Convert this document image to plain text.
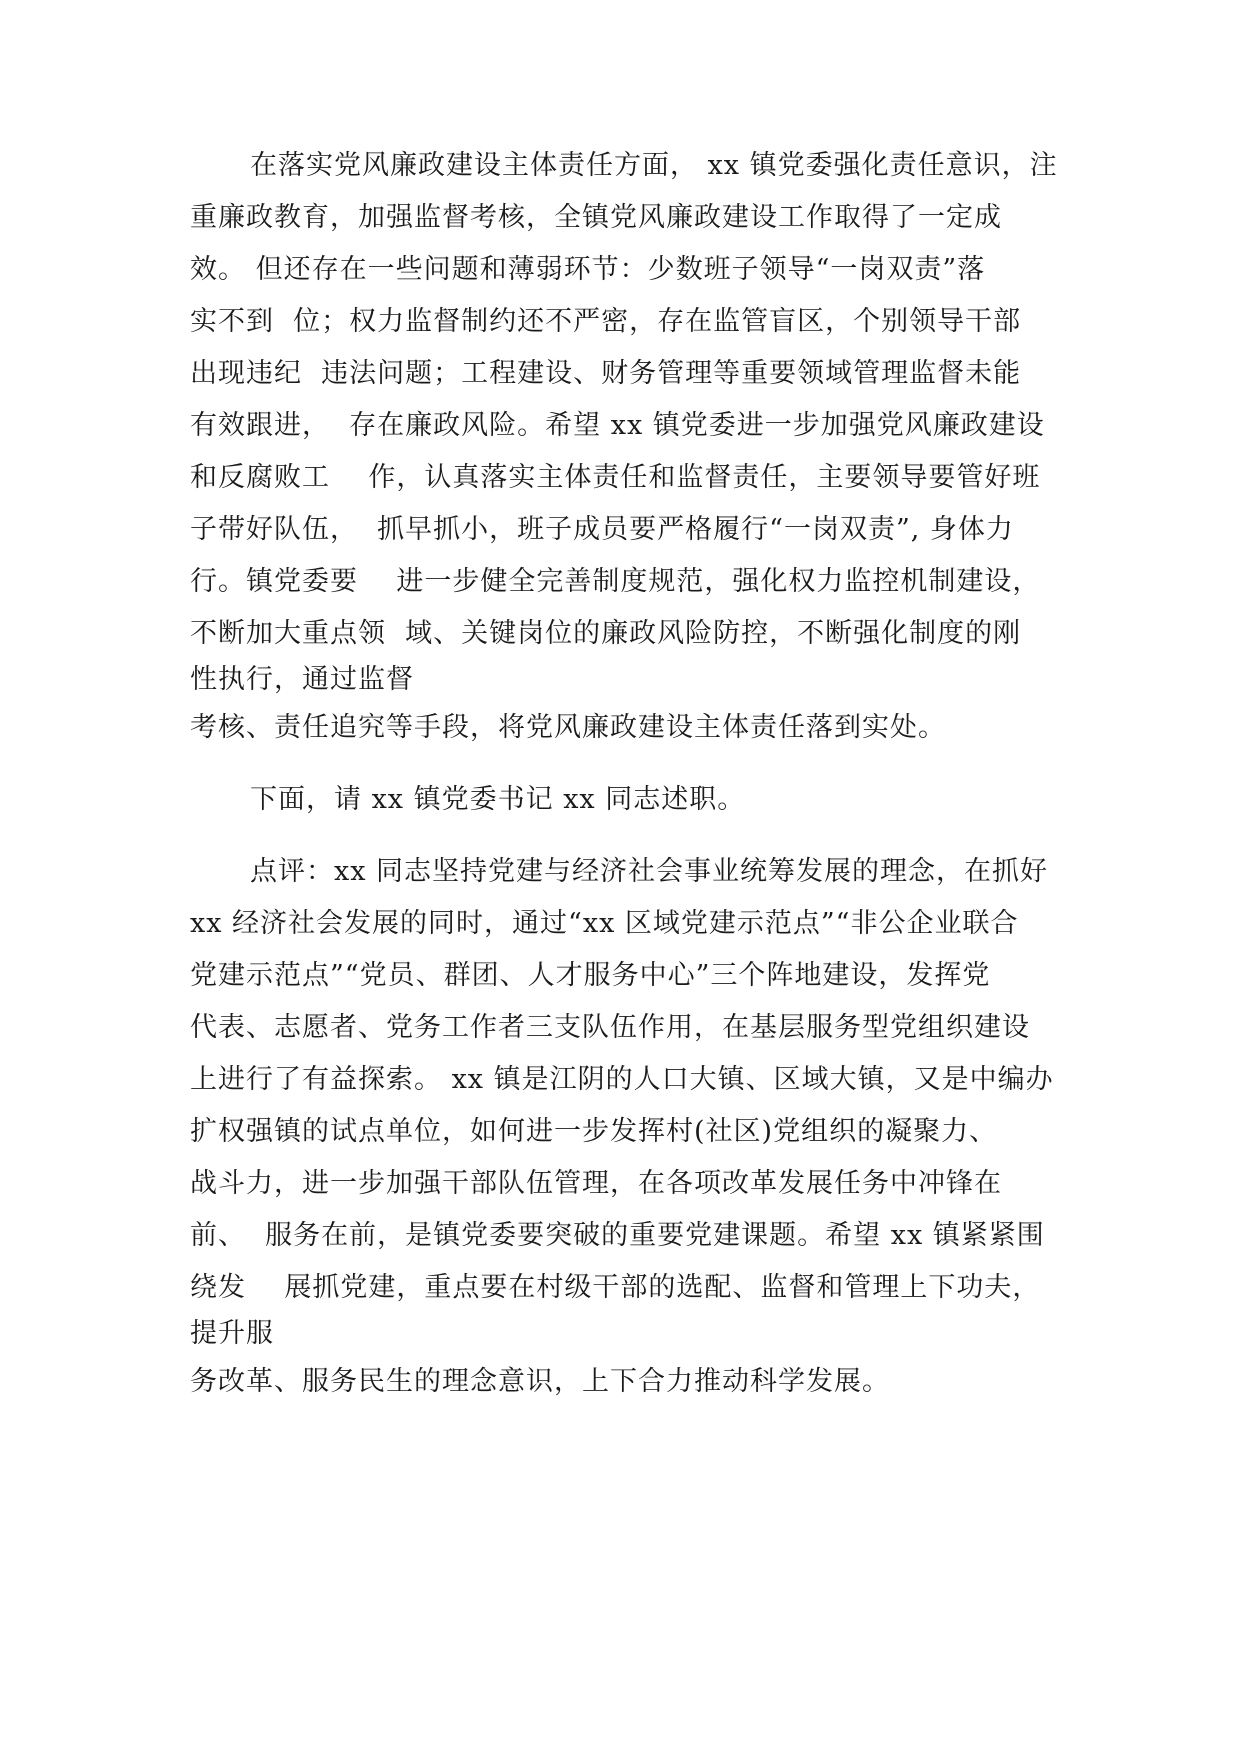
在落实党风廉政建设主体责任方面， xx 镇党委强化责任意识，注
重廉政教育，加强监督考核，全镇党风廉政建设工作取得了一定成
效。 但还存在一些问题和薄弱环节：少数班子领导“一岗双责”落
实不到  位；权力监督制约还不严密，存在监管盲区，个别领导干部
出现违纪  违法问题；工程建设、财务管理等重要领域管理监督未能
有效跟进，  存在廉政风险。希望 xx 镇党委进一步加强党风廉政建设
和反腐败工    作，认真落实主体责任和监督责任，主要领导要管好班
子带好队伍，  抓早抓小，班子成员要严格履行“一岗双责”, 身体力
行。镇党委要    进一步健全完善制度规范，强化权力监控机制建设，
不断加大重点领  域、关键岗位的廉政风险防控，不断强化制度的刚
性执行，通过监督
考核、责任追究等手段，将党风廉政建设主体责任落到实处。
下面，请 xx 镇党委书记 xx 同志述职。
点评：xx 同志坚持党建与经济社会事业统筹发展的理念，在抓好
xx 经济社会发展的同时，通过“xx 区域党建示范点”“非公企业联合
党建示范点”“党员、群团、人才服务中心”三个阵地建设，发挥党
代表、志愿者、党务工作者三支队伍作用，在基层服务型党组织建设
上进行了有益探索。 xx 镇是江阴的人口大镇、区域大镇，又是中编办
扩权强镇的试点单位，如何进一步发挥村(社区)党组织的凝聚力、
战斗力，进一步加强干部队伍管理，在各项改革发展任务中冲锋在
前、  服务在前，是镇党委要突破的重要党建课题。希望 xx 镇紧紧围
绕发    展抓党建，重点要在村级干部的选配、监督和管理上下功夫，
提升服
务改革、服务民生的理念意识，上下合力推动科学发展。
